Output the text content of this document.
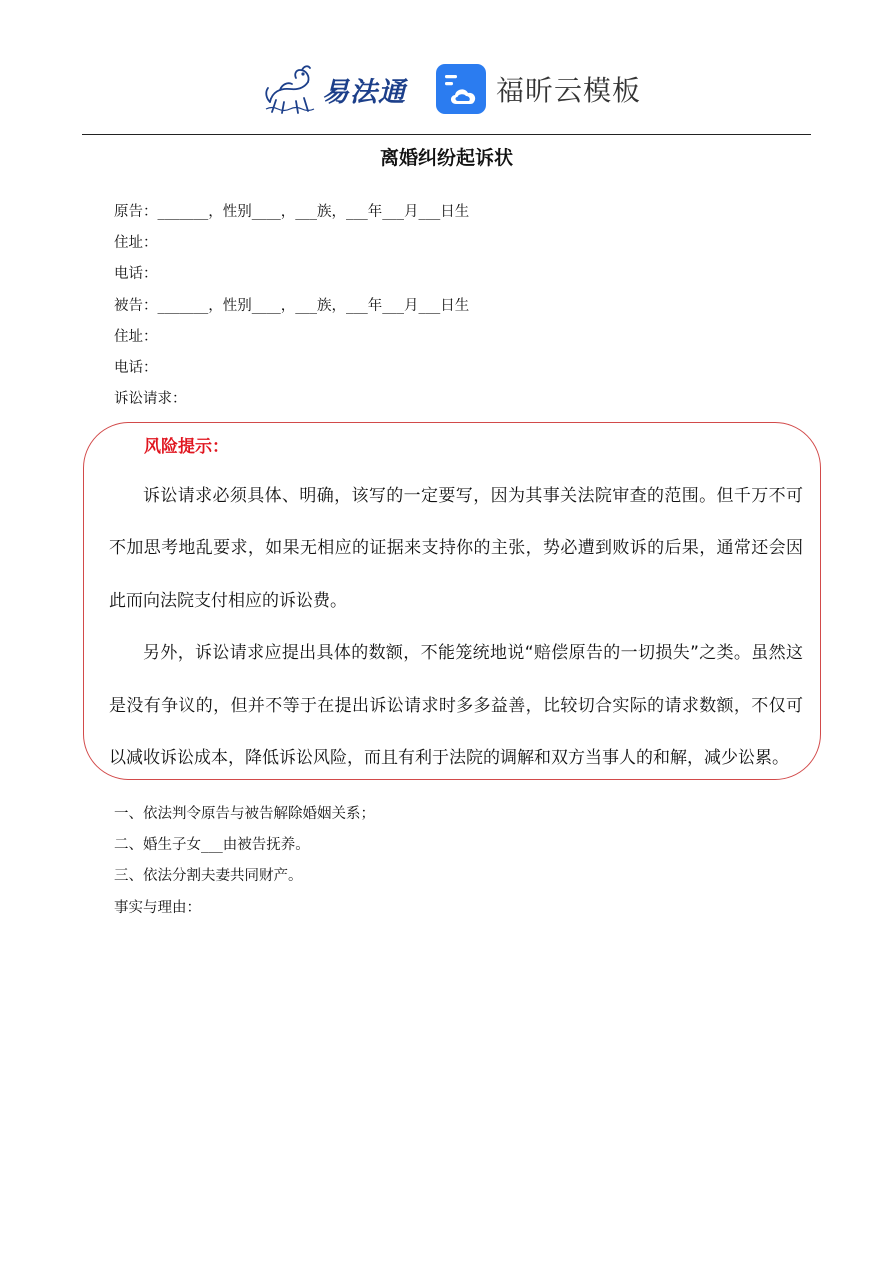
易法通	福昕云模板
离婚纠纷起诉状
原告：_______，性别____，___族，___年___月___日生
住址：
电话：
被告：_______，性别____，___族，___年___月___日生
住址：
电话：
诉讼请求：
风险提示：

诉讼请求必须具体、明确，该写的一定要写，因为其事关法院审查的范围。但千万不可不加思考地乱要求，如果无相应的证据来支持你的主张，势必遭到败诉的后果，通常还会因此而向法院支付相应的诉讼费。

另外，诉讼请求应提出具体的数额，不能笼统地说“赔偿原告的一切损失”之类。虽然这是没有争议的，但并不等于在提出诉讼请求时多多益善，比较切合实际的请求数额，不仅可以减收诉讼成本，降低诉讼风险，而且有利于法院的调解和双方当事人的和解，减少讼累。

一、依法判令原告与被告解除婚姻关系；
二、婚生子女___由被告抚养。
三、依法分割夫妻共同财产。
事实与理由：
